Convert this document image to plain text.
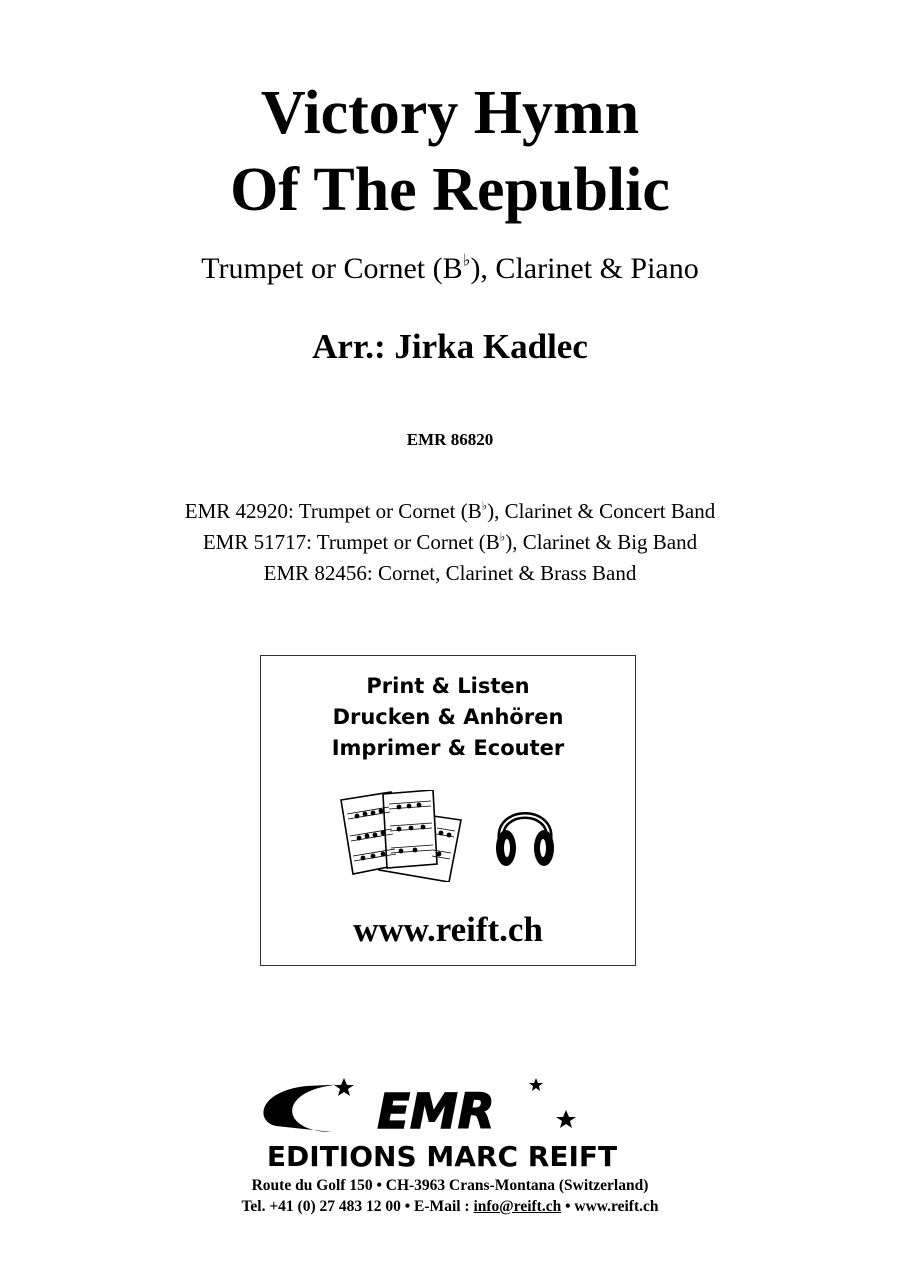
Victory Hymn
Of The Republic
Trumpet or Cornet (B♭), Clarinet & Piano
Arr.: Jirka Kadlec
EMR 86820
EMR 42920: Trumpet or Cornet (B♭), Clarinet & Concert Band
EMR 51717: Trumpet or Cornet (B♭), Clarinet & Big Band
EMR 82456: Cornet, Clarinet & Brass Band
Print & Listen
Drucken & Anhören
Imprimer & Ecouter
www.reift.ch
EMR
EDITIONS MARC REIFT
Route du Golf 150 • CH-3963 Crans-Montana (Switzerland)
Tel. +41 (0) 27 483 12 00 • E-Mail : info@reift.ch • www.reift.ch
